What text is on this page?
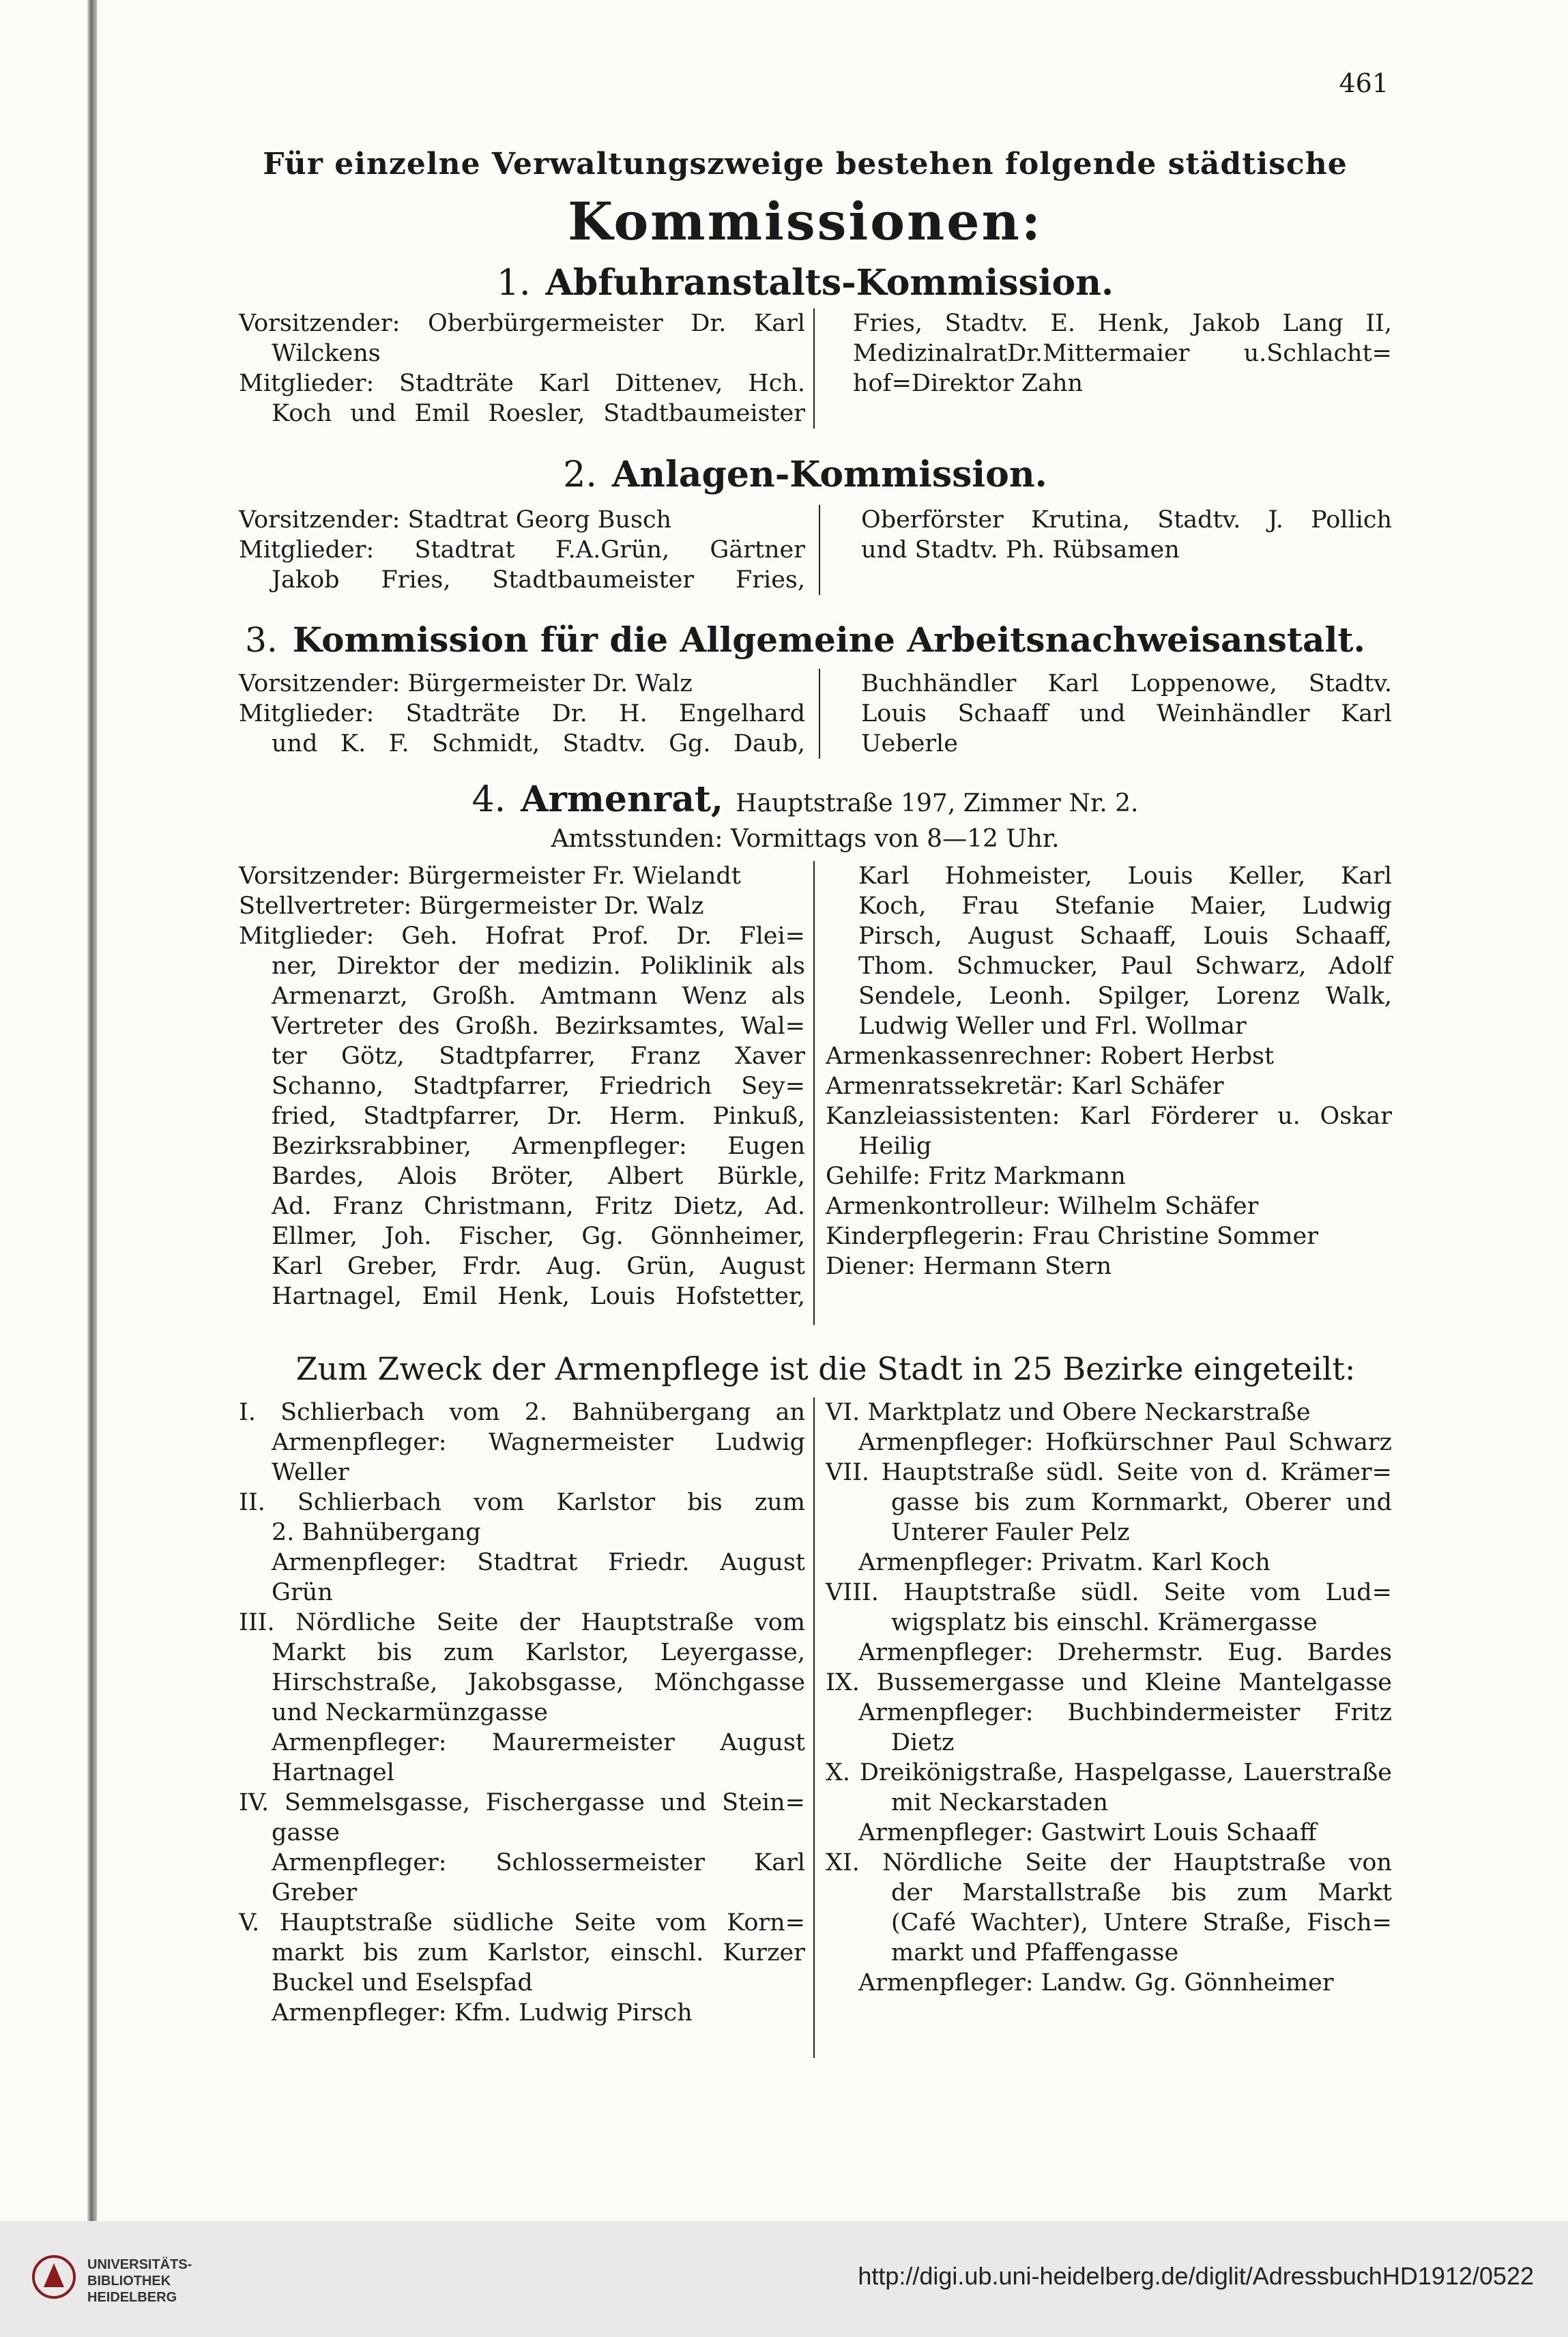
461
Für einzelne Verwaltungszweige bestehen folgende städtische
Kommissionen:
1. Abfuhranstalts-Kommission.
Vorsitzender: Oberbürgermeister Dr. Karl
Wilckens
Mitglieder: Stadträte Karl Dittenev, Hch.
Koch und Emil Roesler, Stadtbaumeister
Fries, Stadtv. E. Henk, Jakob Lang II,
MedizinalratDr.Mittermaier u.Schlacht=
hof=Direktor Zahn
2. Anlagen-Kommission.
Vorsitzender: Stadtrat Georg Busch
Mitglieder: Stadtrat F.A.Grün, Gärtner
Jakob Fries, Stadtbaumeister Fries,
Oberförster Krutina, Stadtv. J. Pollich
und Stadtv. Ph. Rübsamen
3. Kommission für die Allgemeine Arbeitsnachweisanstalt.
Vorsitzender: Bürgermeister Dr. Walz
Mitglieder: Stadträte Dr. H. Engelhard
und K. F. Schmidt, Stadtv. Gg. Daub,
Buchhändler Karl Loppenowe, Stadtv.
Louis Schaaff und Weinhändler Karl
Ueberle
4. Armenrat, Hauptstraße 197, Zimmer Nr. 2.
Amtsstunden: Vormittags von 8—12 Uhr.
Vorsitzender: Bürgermeister Fr. Wielandt
Stellvertreter: Bürgermeister Dr. Walz
Mitglieder: Geh. Hofrat Prof. Dr. Flei=
ner, Direktor der medizin. Poliklinik als
Armenarzt, Großh. Amtmann Wenz als
Vertreter des Großh. Bezirksamtes, Wal=
ter Götz, Stadtpfarrer, Franz Xaver
Schanno, Stadtpfarrer, Friedrich Sey=
fried, Stadtpfarrer, Dr. Herm. Pinkuß,
Bezirksrabbiner, Armenpfleger: Eugen
Bardes, Alois Bröter, Albert Bürkle,
Ad. Franz Christmann, Fritz Dietz, Ad.
Ellmer, Joh. Fischer, Gg. Gönnheimer,
Karl Greber, Frdr. Aug. Grün, August
Hartnagel, Emil Henk, Louis Hofstetter,
Karl Hohmeister, Louis Keller, Karl
Koch, Frau Stefanie Maier, Ludwig
Pirsch, August Schaaff, Louis Schaaff,
Thom. Schmucker, Paul Schwarz, Adolf
Sendele, Leonh. Spilger, Lorenz Walk,
Ludwig Weller und Frl. Wollmar
Armenkassenrechner: Robert Herbst
Armenratssekretär: Karl Schäfer
Kanzleiassistenten: Karl Förderer u. Oskar
Heilig
Gehilfe: Fritz Markmann
Armenkontrolleur: Wilhelm Schäfer
Kinderpflegerin: Frau Christine Sommer
Diener: Hermann Stern
Zum Zweck der Armenpflege ist die Stadt in 25 Bezirke eingeteilt:
I. Schlierbach vom 2. Bahnübergang an
Armenpfleger: Wagnermeister Ludwig
Weller
II. Schlierbach vom Karlstor bis zum
2. Bahnübergang
Armenpfleger: Stadtrat Friedr. August
Grün
III. Nördliche Seite der Hauptstraße vom
Markt bis zum Karlstor, Leyergasse,
Hirschstraße, Jakobsgasse, Mönchgasse
und Neckarmünzgasse
Armenpfleger: Maurermeister August
Hartnagel
IV. Semmelsgasse, Fischergasse und Stein=
gasse
Armenpfleger: Schlossermeister Karl
Greber
V. Hauptstraße südliche Seite vom Korn=
markt bis zum Karlstor, einschl. Kurzer
Buckel und Eselspfad
Armenpfleger: Kfm. Ludwig Pirsch
VI. Marktplatz und Obere Neckarstraße
Armenpfleger: Hofkürschner Paul Schwarz
VII. Hauptstraße südl. Seite von d. Krämer=
gasse bis zum Kornmarkt, Oberer und
Unterer Fauler Pelz
Armenpfleger: Privatm. Karl Koch
VIII. Hauptstraße südl. Seite vom Lud=
wigsplatz bis einschl. Krämergasse
Armenpfleger: Drehermstr. Eug. Bardes
IX. Bussemergasse und Kleine Mantelgasse
Armenpfleger: Buchbindermeister Fritz
Dietz
X. Dreikönigstraße, Haspelgasse, Lauerstraße
mit Neckarstaden
Armenpfleger: Gastwirt Louis Schaaff
XI. Nördliche Seite der Hauptstraße von
der Marstallstraße bis zum Markt
(Café Wachter), Untere Straße, Fisch=
markt und Pfaffengasse
Armenpfleger: Landw. Gg. Gönnheimer
UNIVERSITÄTS-
BIBLIOTHEK
HEIDELBERG
http://digi.ub.uni-heidelberg.de/diglit/AdressbuchHD1912/0522
